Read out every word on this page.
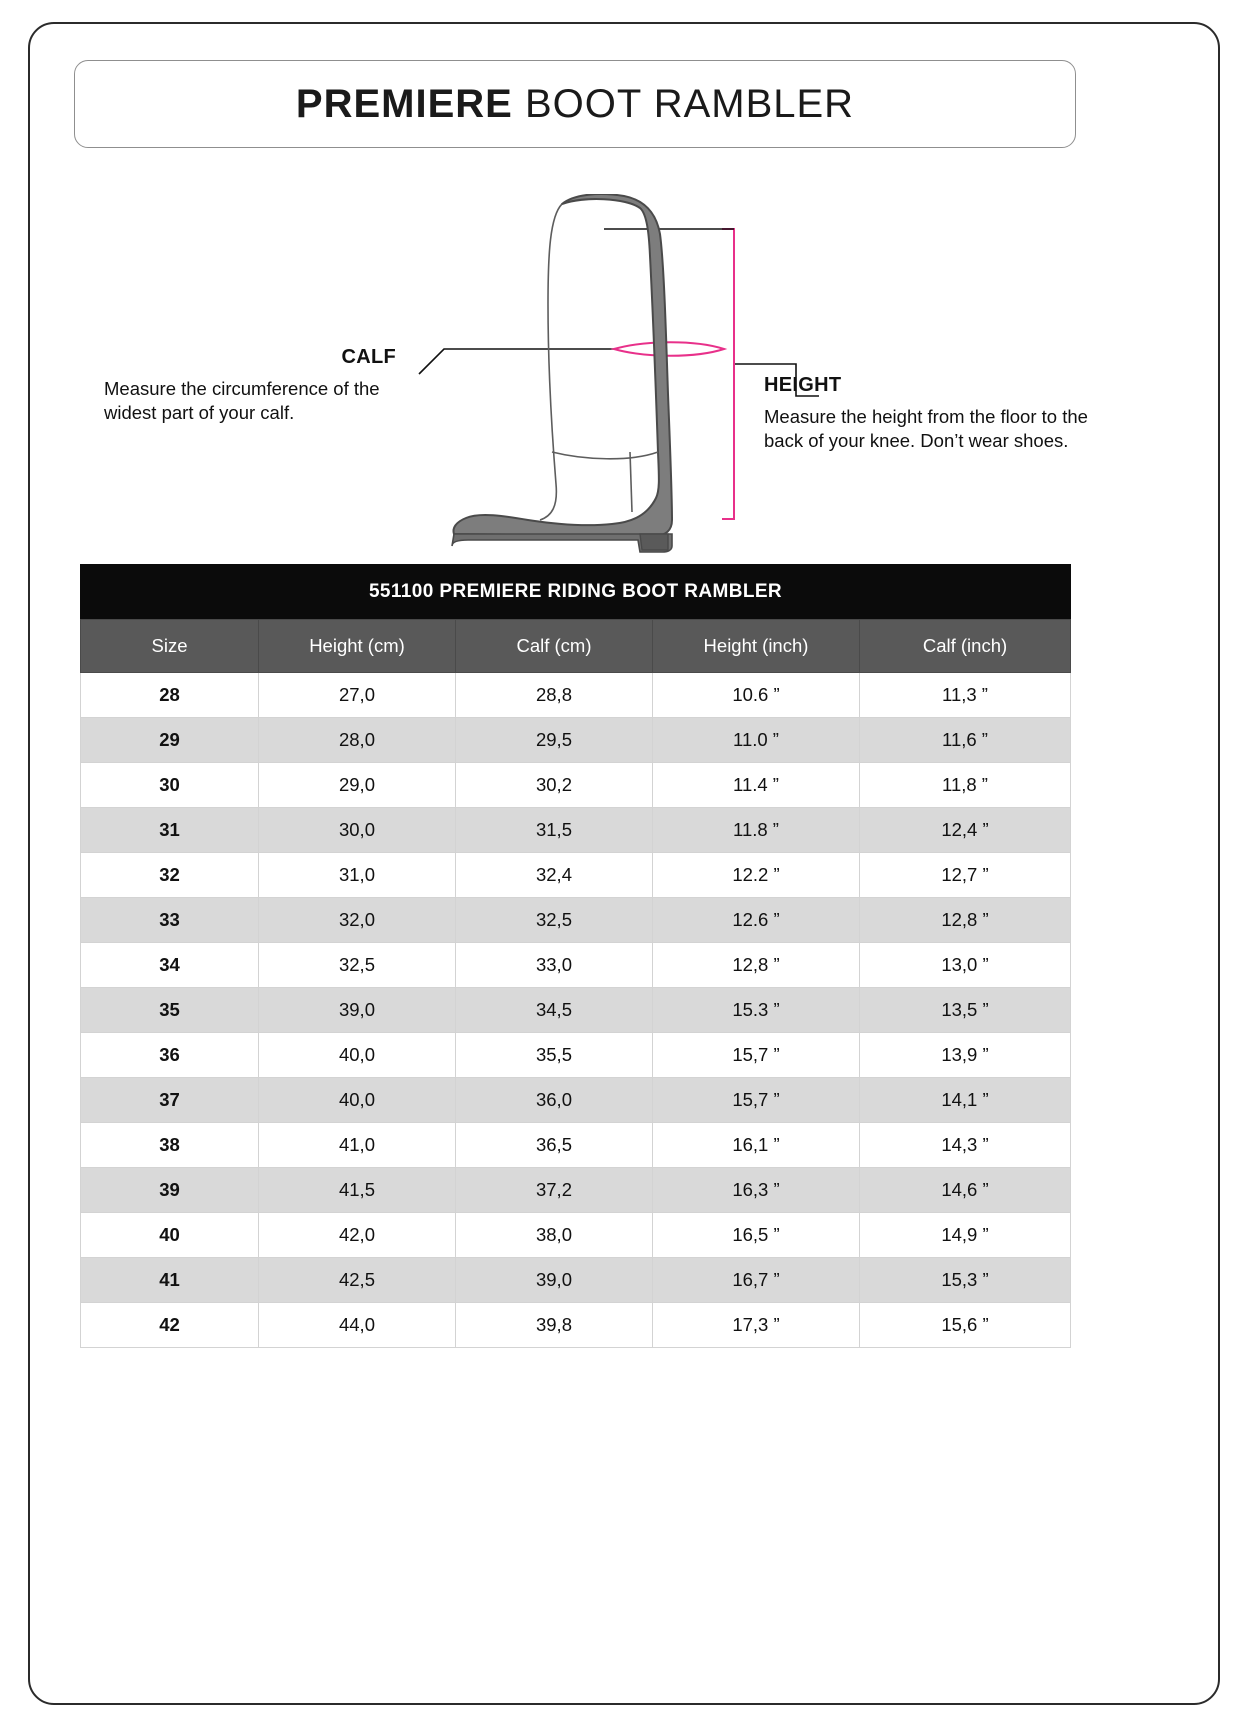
PREMIERE BOOT RAMBLER
CALF
Measure the circumference of the widest part of your calf.
HEIGHT
Measure the height from the floor to the back of your knee. Don’t wear shoes.
551100 PREMIERE RIDING BOOT RAMBLER
Size	Height (cm)	Calf (cm)	Height (inch)	Calf (inch)
28	27,0	28,8	10.6 ”	11,3 ”
29	28,0	29,5	11.0 ”	11,6 ”
30	29,0	30,2	11.4 ”	11,8 ”
31	30,0	31,5	11.8 ”	12,4 ”
32	31,0	32,4	12.2 ”	12,7 ”
33	32,0	32,5	12.6 ”	12,8 ”
34	32,5	33,0	12,8 ”	13,0 ”
35	39,0	34,5	15.3 ”	13,5 ”
36	40,0	35,5	15,7 ”	13,9 ”
37	40,0	36,0	15,7 ”	14,1 ”
38	41,0	36,5	16,1 ”	14,3 ”
39	41,5	37,2	16,3 ”	14,6 ”
40	42,0	38,0	16,5 ”	14,9 ”
41	42,5	39,0	16,7 ”	15,3 ”
42	44,0	39,8	17,3 ”	15,6 ”
